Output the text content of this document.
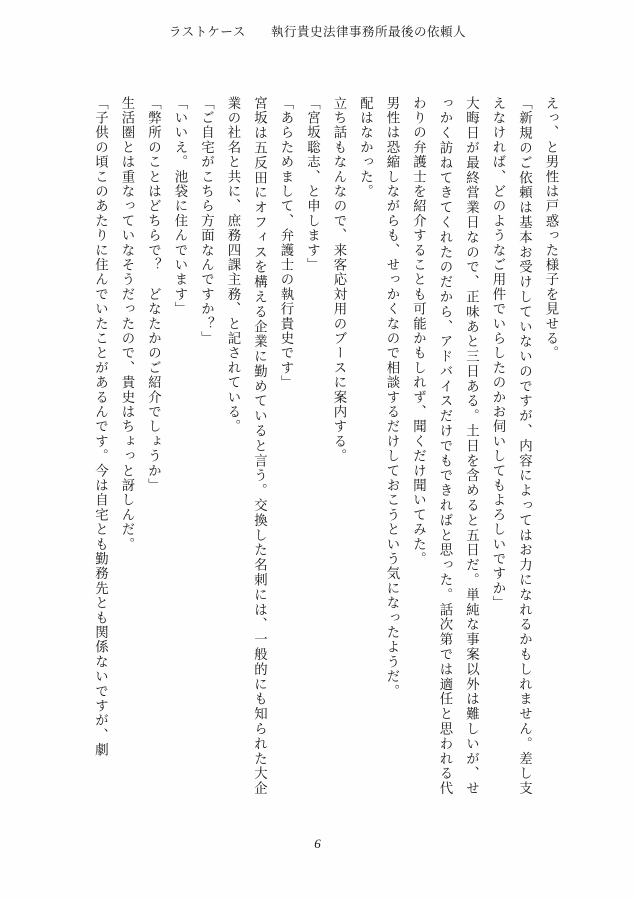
ラストケース 執行貴史法律事務所最後の依頼人

えっ、と男性は戸惑った様子を見せる。

「新規のご依頼は基本お受けしていないのですが、内容によってはお力になれるかもしれません。差し支えなければ、どのようなご用件でいらしたのかお伺いしてもよろしいですか」

大晦日が最終営業日なので、正味あと三日ある。土日を含めると五日だ。単純な事案以外は難しいが、せっかく訪ねてきてくれたのだから、アドバイスだけでもできればと思った。話次第では適任と思われる代わりの弁護士を紹介することも可能かもしれず、聞くだけ聞いてみた。

男性は恐縮しながらも、せっかくなので相談するだけしておこうという気になったようだ。

配はなかった。

立ち話もなんなので、来客応対用のブースに案内する。

「宮坂聡志、と申します」

「あらためまして、弁護士の執行貴史です」

宮坂は五反田にオフィスを構える企業に勤めていると言う。交換した名刺には、一般的にも知られた大企業の社名と共に、庶務四課主務、と記されている。

「ご自宅がこちら方面なんですか？」

「いいえ。池袋に住んでいます」

「弊所のことはどちらで？　どなたかのご紹介でしょうか」

生活圏とは重なっていなそうだったので、貴史はちょっと訝しんだ。

「子供の頃このあたりに住んでいたことがあるんです。今は自宅とも勤務先とも関係ないですが、劇

6
